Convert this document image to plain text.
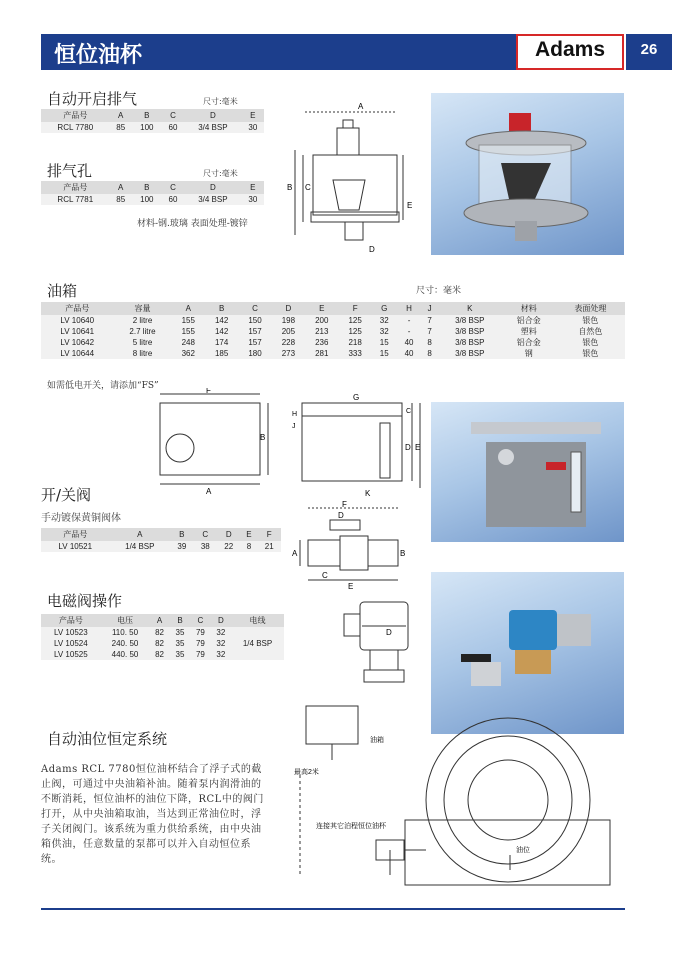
恒位油杯	Adams	26
自动开启排气	尺寸:毫米
产品号	A	B	C	D	E
RCL 7780	85	100	60	3/4 BSP	30
排气孔	尺寸:毫米
产品号	A	B	C	D	E
RCL 7781	85	100	60	3/4 BSP	30
材料-钢.玻璃 表面处理-镀锌
A
B C
D
E
油箱	尺寸：毫米
产品号	容量	A	B	C	D	E	F	G	H	J	K	材料	表面处理
LV 10640	2 litre	155	142	150	198	200	125	32	-	7	3/8 BSP	铝合金	银色
LV 10641	2.7 litre	155	142	157	205	213	125	32	-	7	3/8 BSP	塑料	自然色
LV 10642	5 litre	248	174	157	228	236	218	15	40	8	3/8 BSP	铝合金	银色
LV 10644	8 litre	362	185	180	273	281	333	15	40	8	3/8 BSP	钢	银色
如需低电开关，请添加“FS”	F
A
B
G
H
J
C
D E
K
开/关阀
手动镀保黄铜阀体
产品号	A	B	C	D	E	F
LV 10521	1/4 BSP	39	38	22	8	21
F
D
A	B
E
C
电磁阀操作
产品号	电压	A	B	C	D	电线
LV 10523	110. 50	82	35	79	32	
LV 10524	240. 50	82	35	79	32	1/4 BSP
LV 10525	440. 50	82	35	79	32	
D
自动油位恒定系统
Adams RCL 7780恒位油杯结合了浮子式的截止阀，可通过中央油箱补油。随着泵内润滑油的不断消耗，恒位油杯的油位下降，RCL中的阀门打开，从中央油箱取油，当达到正常油位时，浮子关闭阀门。该系统为重力供给系统，由中央油箱供油，任意数量的泵都可以并入自动恒位系统。
油箱
最高2米
连接其它泊程恒位油杯
油位
